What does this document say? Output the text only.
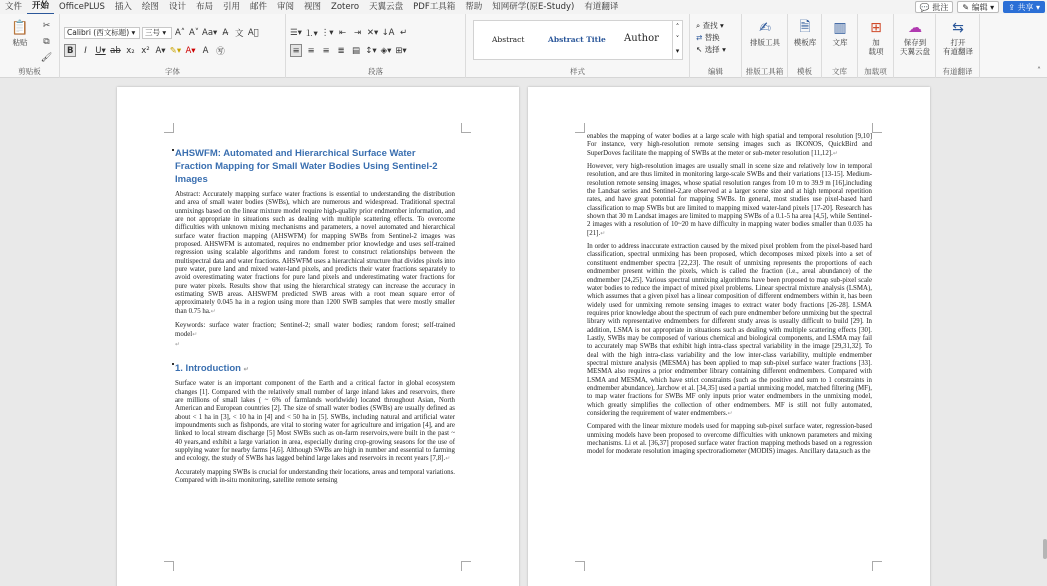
文件	开始	OfficePLUS	插入	绘图	设计	布局	引用	邮件	审阅	视图	Zotero	天翼云盘	PDF工具箱	帮助	知网研学(原E-Study)	有道翻译	💬 批注	✎ 编辑 ▾	⇪ 共享 ▾
📋
粘贴
✂
⧉
🖌
剪贴板
Calibri (西文标题) ▾	三号 ▾	A˄ A˅ Aa▾ A̶ 文 A⃞
B	I	U▾ ab x₂ x² A▾ ✎▾ A▾ A ㊢
字体
☰▾ ⒈▾ ⋮▾ ⇤ ⇥ ✕▾ ↓A ↵
≡ ≡ ≡ ≣ ▤ ↕▾ ◈▾ ⊞▾
段落	样式
Abstract	Abstract Title Author
˄
˅
▾
⌕ 查找 ▾
⇄ 替换
↖ 选择 ▾
编辑
✍
排版工具
排版工具箱
🗎
模板库
模板
▥
文库
文库
⊞
加
载项
加载项
☁
保存到
天翼云盘
⇆
打开
有道翻译
有道翻译	˄
AHSWFM: Automated and Hierarchical Surface Water Fraction Mapping for Small Water Bodies Using Sentinel-2 Images
Abstract: Accurately mapping surface water fractions is essential to understanding the distribution and area of small water bodies (SWBs), which are numerous and widespread. Traditional spectral unmixings based on the linear mixture model require high-quality prior endmember information, and are not appropriate in situations such as dealing with multiple scattering effects. To overcome difficulties with unknown mixing mechanisms and parameters, a novel automated and hierarchical surface water fraction mapping (AHSWFM) for mapping SWBs from Sentinel-2 images was proposed. AHSWFM is automated, requires no endmember prior knowledge and uses self-trained regression using scalable algorithms and random forest to construct relationships between the multispectral data and water fractions. AHSWFM uses a hierarchical structure that divides pixels into pure water, pure land and mixed water-land pixels, and predicts their water fractions separately to avoid overestimating water fractions for pure land pixels and underestimating water fractions for pure water pixels. Results show that using the hierarchical strategy can increase the accuracy in estimating SWB areas. AHSWFM predicted SWB areas with a root mean square error of approximately 0.045 ha in a region using more than 1200 SWB samples that were mostly smaller than 0.75 ha.↵
Keywords: surface water fraction; Sentinel-2; small water bodies; random forest; self-trained model↵
↵
1. Introduction ↵
Surface water is an important component of the Earth and a critical factor in global ecosystem changes [1]. Compared with the relatively small number of large inland lakes and reservoirs, there are millions of small lakes ( ~ 6% of farmlands worldwide) located throughout Asian, North American and European countries [2]. The size of small water bodies (SWBs) are usually defined as about < 1 ha in [3], < 10 ha in [4] and < 50 ha in [5]. SWBs, including natural and artificial water impoundments such as fishponds, are vital to storing water for agriculture and irrigation [4], and are linked to local stream discharge [5] Most SWBs such as on-farm reservoirs,were built in the past ~ 40 years,and exhibit a large variation in area, especially during crop-growing seasons for the use of supplying water for nearby farms [4,6]. Although SWBs are high in number and essential to farming and ecology, the study of SWBs has lagged behind large lakes and reservoirs in recent years [7,8].↵
Accurately mapping SWBs is crucial for understanding their locations, areas and temporal variations. Compared with in-situ monitoring, satellite remote sensing
enables the mapping of water bodies at a large scale with high spatial and temporal resolution [9,10] For instance, very high-resolution remote sensing images such as IKONOS, QuickBird and SuperDoves facilitate the mapping of SWBs at the meter or sub-meter resolution [11,12].↵
However, very high-resolution images are usually small in scene size and relatively low in temporal resolution, and are thus limited in monitoring large-scale SWBs and their variations [13-15]. Medium-resolution remote sensing images, whose spatial resolution ranges from 10 m to 39.9 m [16],including the Landsat series and Sentinel-2,are observed at a larger scene size and at high temporal repetition rates, and have great potential for mapping SWBs. In general, most studies use pixel-based hard classification to map SWBs but are limited to mapping mixed water-land pixels [17-20]. Research has shown that 30 m Landsat images are limited to mapping SWBs of a 0.1-5 ha area [4,5], while Sentinel-2 images with a resolution of 10~20 m have difficulty in mapping water bodies smaller than 0.035 ha [21].↵
In order to address inaccurate extraction caused by the mixed pixel problem from the pixel-based hard classification, spectral unmixing has been proposed, which decomposes mixed pixels into a set of constituent endmember spectra [22,23]. The result of unmixing represents the proportions of each endmember present within the pixels, which is called the fraction (i.e., areal abundance) of the endmember [24,25]. Various spectral unmixing algorithms have been proposed to map sub-pixel scale water bodies to reduce the impact of mixed pixel problems. Linear spectral mixture analysis (LSMA), which assumes that a given pixel has a linear composition of different endmembers within it, has been widely used for unmixing remote sensing images to extract water body fractions [26-28]. LSMA requires prior knowledge about the spectrum of each pure endmember before unmixing but the spectral library with representative endmembers for different study areas is usually difficult to build [29]. In addition, LSMA is not appropriate in situations such as dealing with multiple scattering effects [30]. Lastly, SWBs may be composed of various chemical and biological components, and LSMA may fail to accurately map SWBs that exhibit high intra-class spectral variability in the image [29,31,32]. To deal with the high intra-class variability and the low inter-class variability, multiple endmember spectral mixture analysis (MESMA) has been applied to map sub-pixel surface water fractions [33]. MESMA also requires a prior endmember library containing different endmembers. Compared with LSMA and MESMA, which have strict constraints (such as the positive and sum to 1 constraints in endmember abundance), Jarchow et al. [34,35] used a partial unmixing model, matched filtering (MF), to map water fractions for SWBs MF only inputs prior water endmembers in the unmixing model, which greatly simplifies the collection of other endmembers. MF is still not fully automated, considering the requirement of water endmembers.↵
Compared with the linear mixture models used for mapping sub-pixel surface water, regression-based unmixing models have been proposed to overcome difficulties with unknown parameters and mixing mechanisms. Li et al. [36,37] proposed surface water fraction mapping methods based on a regression model for moderate resolution imaging spectroradiometer (MODIS) images. Ancillary data,such as the
